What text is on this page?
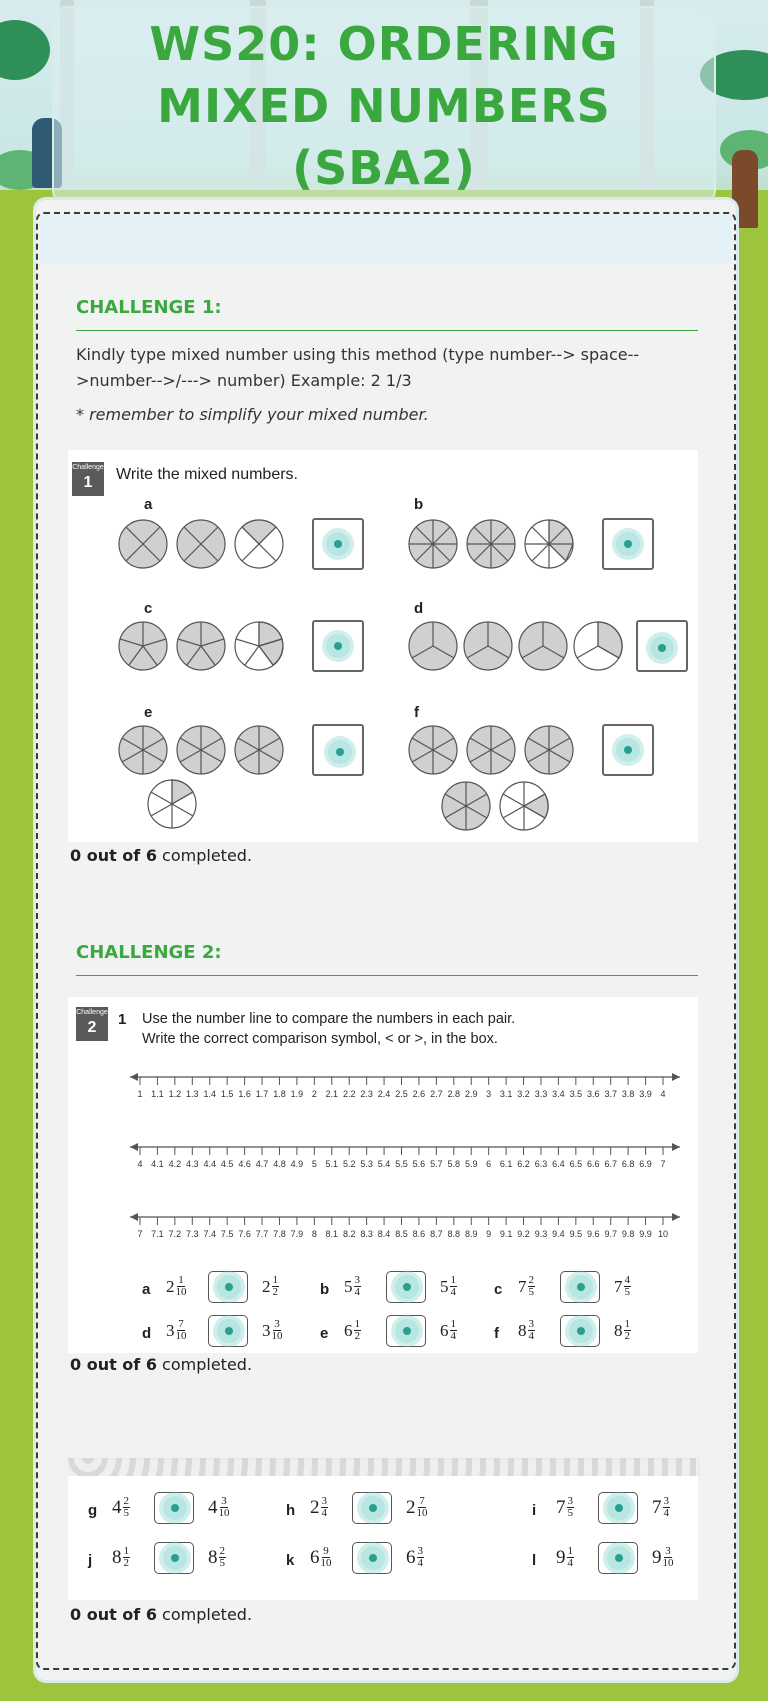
WS20: ORDERING MIXED NUMBERS (SBA2)
CHALLENGE 1:
Kindly type mixed number using this method (type number--> space-->number-->/---> number) Example: 2 1/3
* remember to simplify your mixed number.
Challenge
1	Write the mixed numbers.
a	b
c	d
e	f
0 out of 6 completed.
CHALLENGE 2:
Challenge
2	1 Use the number line to compare the numbers in each pair.
Write the correct comparison symbol, < or >, in the box.
1 1.1 1.2 1.3 1.4 1.5 1.6 1.7 1.8 1.9 2 2.1 2.2 2.3 2.4 2.5 2.6 2.7 2.8 2.9 3 3.1 3.2 3.3 3.4 3.5 3.6 3.7 3.8 3.9 4
4 4.1 4.2 4.3 4.4 4.5 4.6 4.7 4.8 4.9 5 5.1 5.2 5.3 5.4 5.5 5.6 5.7 5.8 5.9 6 6.1 6.2 6.3 6.4 6.5 6.6 6.7 6.8 6.9 7
7 7.1 7.2 7.3 7.4 7.5 7.6 7.7 7.8 7.9 8 8.1 8.2 8.3 8.4 8.5 8.6 8.7 8.8 8.9 9 9.1 9.2 9.3 9.4 9.5 9.6 9.7 9.8 9.9 10
a $2 \frac{1}{10}$	$2 \frac{1}{2}$	b $5 \frac{3}{4}$	$5 \frac{1}{4}$ c $7 \frac{2}{5}$	$7 \frac{4}{5}$
d $3 \frac{7}{10}$	$3 \frac{3}{10}$	e $6 \frac{1}{2}$	$6 \frac{1}{4}$ f $8 \frac{3}{4}$	$8 \frac{1}{2}$
0 out of 6 completed.
g $4 \frac{2}{5}$	$4 \frac{3}{10}$	h $2 \frac{3}{4}$	$2 \frac{7}{10}$	i $7 \frac{3}{5}$	$7 \frac{3}{4}$
j $8 \frac{1}{2}$	$8 \frac{2}{5}$	k $6 \frac{9}{10}$	$6 \frac{3}{4}$	l $9 \frac{1}{4}$	$9 \frac{3}{10}$
0 out of 6 completed.
